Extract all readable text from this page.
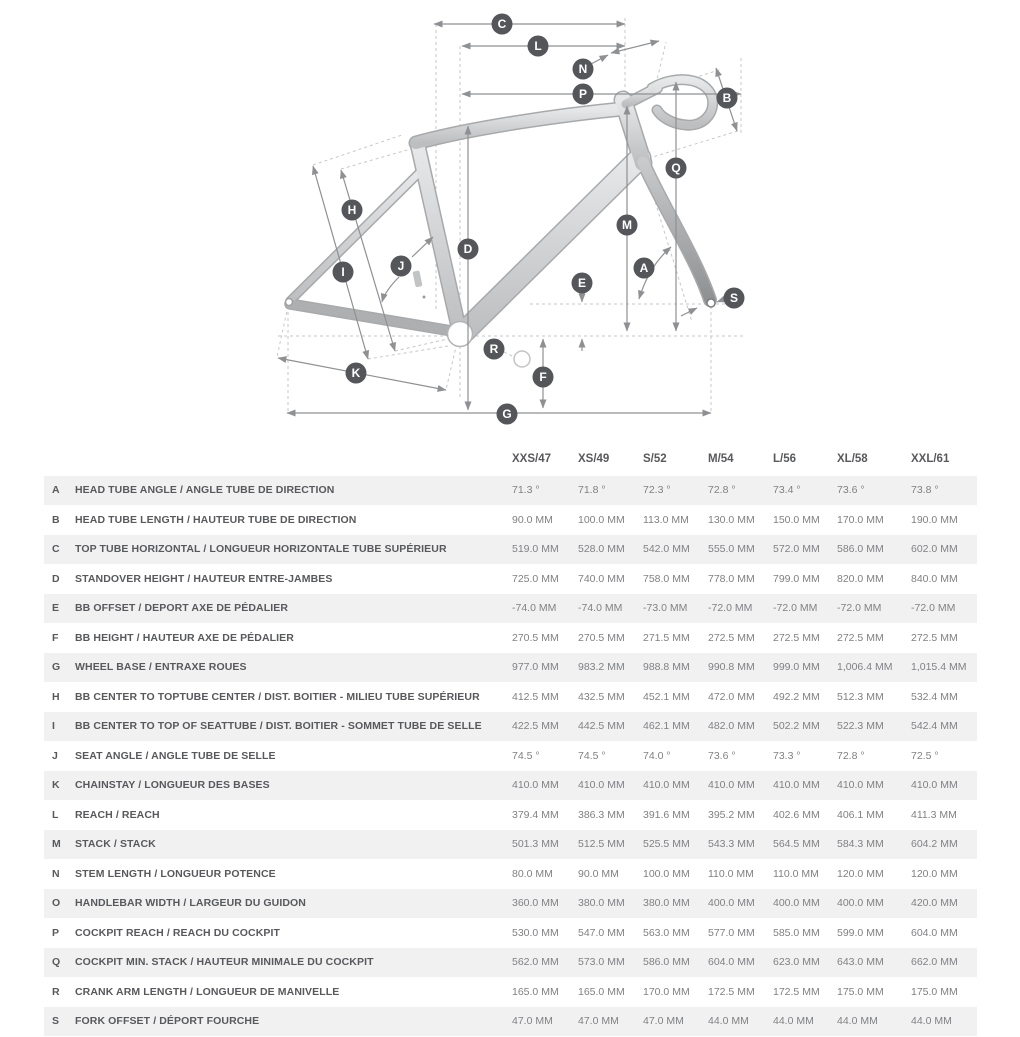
A
B
C
D
E
F
G
H
I	J
K
L
M
N
P
Q
R
S
XXS/47	XS/49	S/52	M/54	L/56	XL/58	XXL/61
A	HEAD TUBE ANGLE / ANGLE TUBE DE DIRECTION	71.3 °	71.8 °	72.3 °	72.8 °	73.4 °	73.6 °	73.8 °
B	HEAD TUBE LENGTH / HAUTEUR TUBE DE DIRECTION	90.0 MM	100.0 MM	113.0 MM	130.0 MM	150.0 MM	170.0 MM	190.0 MM
C	TOP TUBE HORIZONTAL / LONGUEUR HORIZONTALE TUBE SUPÉRIEUR	519.0 MM	528.0 MM	542.0 MM	555.0 MM	572.0 MM	586.0 MM	602.0 MM
D	STANDOVER HEIGHT / HAUTEUR ENTRE-JAMBES	725.0 MM	740.0 MM	758.0 MM	778.0 MM	799.0 MM	820.0 MM	840.0 MM
E	BB OFFSET / DEPORT AXE DE PÉDALIER	-74.0 MM	-74.0 MM	-73.0 MM	-72.0 MM	-72.0 MM	-72.0 MM	-72.0 MM
F	BB HEIGHT / HAUTEUR AXE DE PÉDALIER	270.5 MM	270.5 MM	271.5 MM	272.5 MM	272.5 MM	272.5 MM	272.5 MM
G	WHEEL BASE / ENTRAXE ROUES	977.0 MM	983.2 MM	988.8 MM	990.8 MM	999.0 MM	1,006.4 MM	1,015.4 MM
H	BB CENTER TO TOPTUBE CENTER / DIST. BOITIER - MILIEU TUBE SUPÉRIEUR	412.5 MM	432.5 MM	452.1 MM	472.0 MM	492.2 MM	512.3 MM	532.4 MM
I	BB CENTER TO TOP OF SEATTUBE / DIST. BOITIER - SOMMET TUBE DE SELLE	422.5 MM	442.5 MM	462.1 MM	482.0 MM	502.2 MM	522.3 MM	542.4 MM
J	SEAT ANGLE / ANGLE TUBE DE SELLE	74.5 °	74.5 °	74.0 °	73.6 °	73.3 °	72.8 °	72.5 °
K	CHAINSTAY / LONGUEUR DES BASES	410.0 MM	410.0 MM	410.0 MM	410.0 MM	410.0 MM	410.0 MM	410.0 MM
L	REACH / REACH	379.4 MM	386.3 MM	391.6 MM	395.2 MM	402.6 MM	406.1 MM	411.3 MM
M	STACK / STACK	501.3 MM	512.5 MM	525.5 MM	543.3 MM	564.5 MM	584.3 MM	604.2 MM
N	STEM LENGTH / LONGUEUR POTENCE	80.0 MM	90.0 MM	100.0 MM	110.0 MM	110.0 MM	120.0 MM	120.0 MM
O	HANDLEBAR WIDTH / LARGEUR DU GUIDON	360.0 MM	380.0 MM	380.0 MM	400.0 MM	400.0 MM	400.0 MM	420.0 MM
P	COCKPIT REACH / REACH DU COCKPIT	530.0 MM	547.0 MM	563.0 MM	577.0 MM	585.0 MM	599.0 MM	604.0 MM
Q	COCKPIT MIN. STACK / HAUTEUR MINIMALE DU COCKPIT	562.0 MM	573.0 MM	586.0 MM	604.0 MM	623.0 MM	643.0 MM	662.0 MM
R	CRANK ARM LENGTH / LONGUEUR DE MANIVELLE	165.0 MM	165.0 MM	170.0 MM	172.5 MM	172.5 MM	175.0 MM	175.0 MM
S	FORK OFFSET / DÉPORT FOURCHE	47.0 MM	47.0 MM	47.0 MM	44.0 MM	44.0 MM	44.0 MM	44.0 MM
